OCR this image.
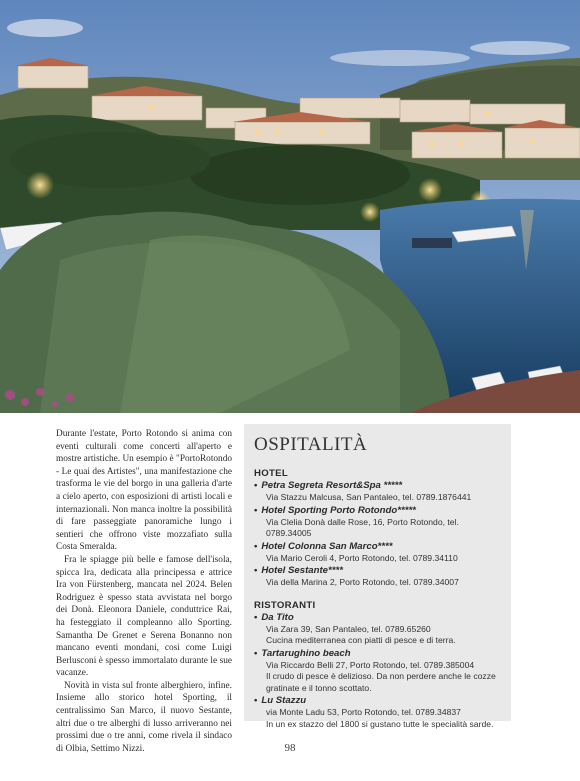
Durante l'estate, Porto Rotondo si anima con eventi culturali come concerti all'aperto e mostre artistiche. Un esempio è "PortoRotondo - Le quai des Artistes", una manifestazione che trasforma le vie del borgo in una galleria d'arte a cielo aperto, con esposizioni di artisti locali e internazionali. Non manca inoltre la possibilità di fare passeggiate panoramiche lungo i sentieri che offrono viste mozzafiato sulla Costa Smeralda.

Fra le spiagge più belle e famose dell'isola, spicca Ira, dedicata alla principessa e attrice Ira von Fürstenberg, mancata nel 2024. Belen Rodriguez è spesso stata avvistata nel borgo dei Donà. Eleonora Daniele, conduttrice Rai, ha festeggiato il compleanno allo Sporting. Samantha De Grenet e Serena Bonanno non mancano eventi mondani, così come Luigi Berlusconi è spesso immortalato durante le sue vacanze.

Novità in vista sul fronte alberghiero, infine. Insieme allo storico hotel Sporting, il centralissimo San Marco, il nuovo Sestante, altri due o tre alberghi di lusso arriveranno nei prossimi due o tre anni, come rivela il sindaco di Olbia, Settimo Nizzi.

OSPITALITÀ
HOTEL
• Petra Segreta Resort&Spa *****
Via Stazzu Malcusa, San Pantaleo, tel. 0789.1876441
• Hotel Sporting Porto Rotondo*****
Via Clelia Donà dalle Rose, 16, Porto Rotondo, tel. 0789.34005
• Hotel Colonna San Marco****
Via Mario Ceroli 4, Porto Rotondo, tel. 0789.34110
• Hotel Sestante****
Via della Marina 2, Porto Rotondo, tel. 0789.34007
RISTORANTI
• Da Tito
Via Zara 39, San Pantaleo, tel. 0789.65260
Cucina mediterranea con piatti di pesce e di terra.
• Tartarughino beach
Via Riccardo Belli 27, Porto Rotondo, tel. 0789.385004
Il crudo di pesce è delizioso. Da non perdere anche le cozze
gratinate e il tonno scottato.
• Lu Stazzu
via Monte Ladu 53, Porto Rotondo, tel. 0789.34837
In un ex stazzo del 1800 si gustano tutte le specialità sarde.
98
